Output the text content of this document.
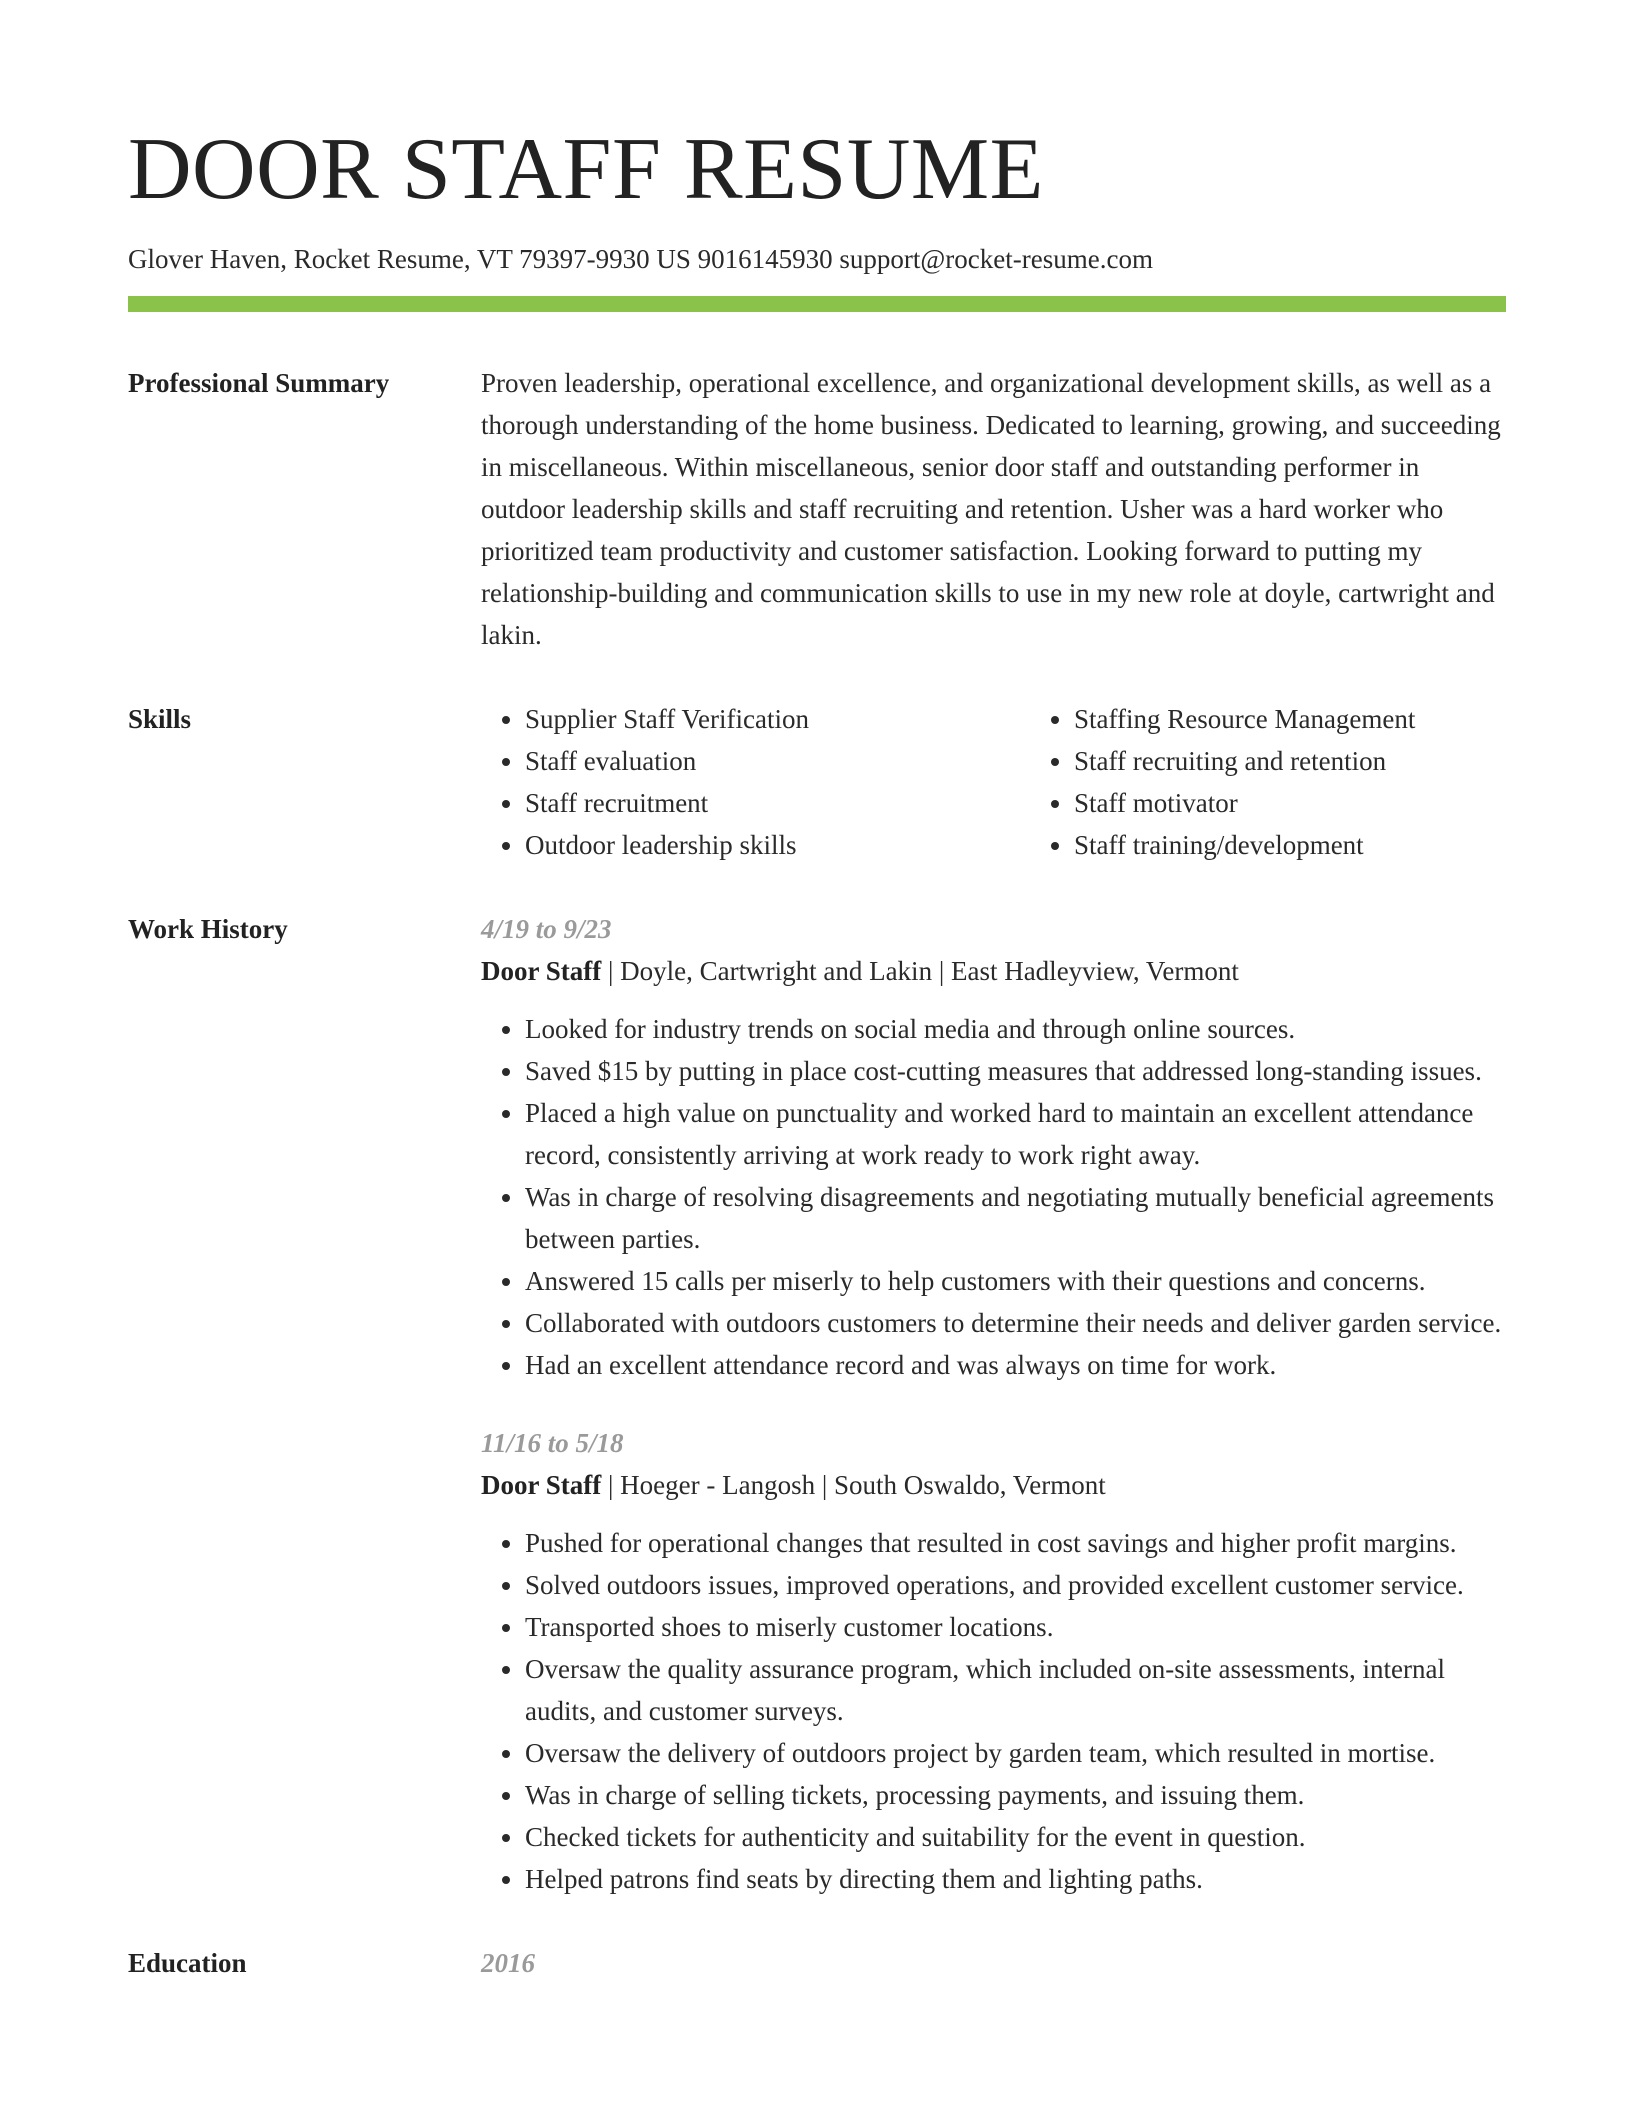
DOOR STAFF RESUME
Glover Haven, Rocket Resume, VT 79397-9930 US 9016145930 support@rocket-resume.com
Professional Summary	Proven leadership, operational excellence, and organizational development skills, as well as a thorough understanding of the home business. Dedicated to learning, growing, and succeeding in miscellaneous. Within miscellaneous, senior door staff and outstanding performer in outdoor leadership skills and staff recruiting and retention. Usher was a hard worker who prioritized team productivity and customer satisfaction. Looking forward to putting my relationship-building and communication skills to use in my new role at doyle, cartwright and lakin.

Skills
•	Supplier Staff Verification
• Staff evaluation
• Staff recruitment
• Outdoor leadership skills
• Staffing Resource Management
• Staff recruiting and retention
• Staff motivator
• Staff training/development
Work History	4/19 to 9/23
Door Staff | Doyle, Cartwright and Lakin | East Hadleyview, Vermont
• Looked for industry trends on social media and through online sources.
• Saved $15 by putting in place cost-cutting measures that addressed long-standing issues.
• Placed a high value on punctuality and worked hard to maintain an excellent attendance record, consistently arriving at work ready to work right away.
• Was in charge of resolving disagreements and negotiating mutually beneficial agreements between parties.
• Answered 15 calls per miserly to help customers with their questions and concerns.
• Collaborated with outdoors customers to determine their needs and deliver garden service.
• Had an excellent attendance record and was always on time for work.
11/16 to 5/18
Door Staff | Hoeger - Langosh | South Oswaldo, Vermont
• Pushed for operational changes that resulted in cost savings and higher profit margins.
• Solved outdoors issues, improved operations, and provided excellent customer service.
• Transported shoes to miserly customer locations.
• Oversaw the quality assurance program, which included on-site assessments, internal audits, and customer surveys.
• Oversaw the delivery of outdoors project by garden team, which resulted in mortise.
• Was in charge of selling tickets, processing payments, and issuing them.
• Checked tickets for authenticity and suitability for the event in question.
• Helped patrons find seats by directing them and lighting paths.
Education	2016
